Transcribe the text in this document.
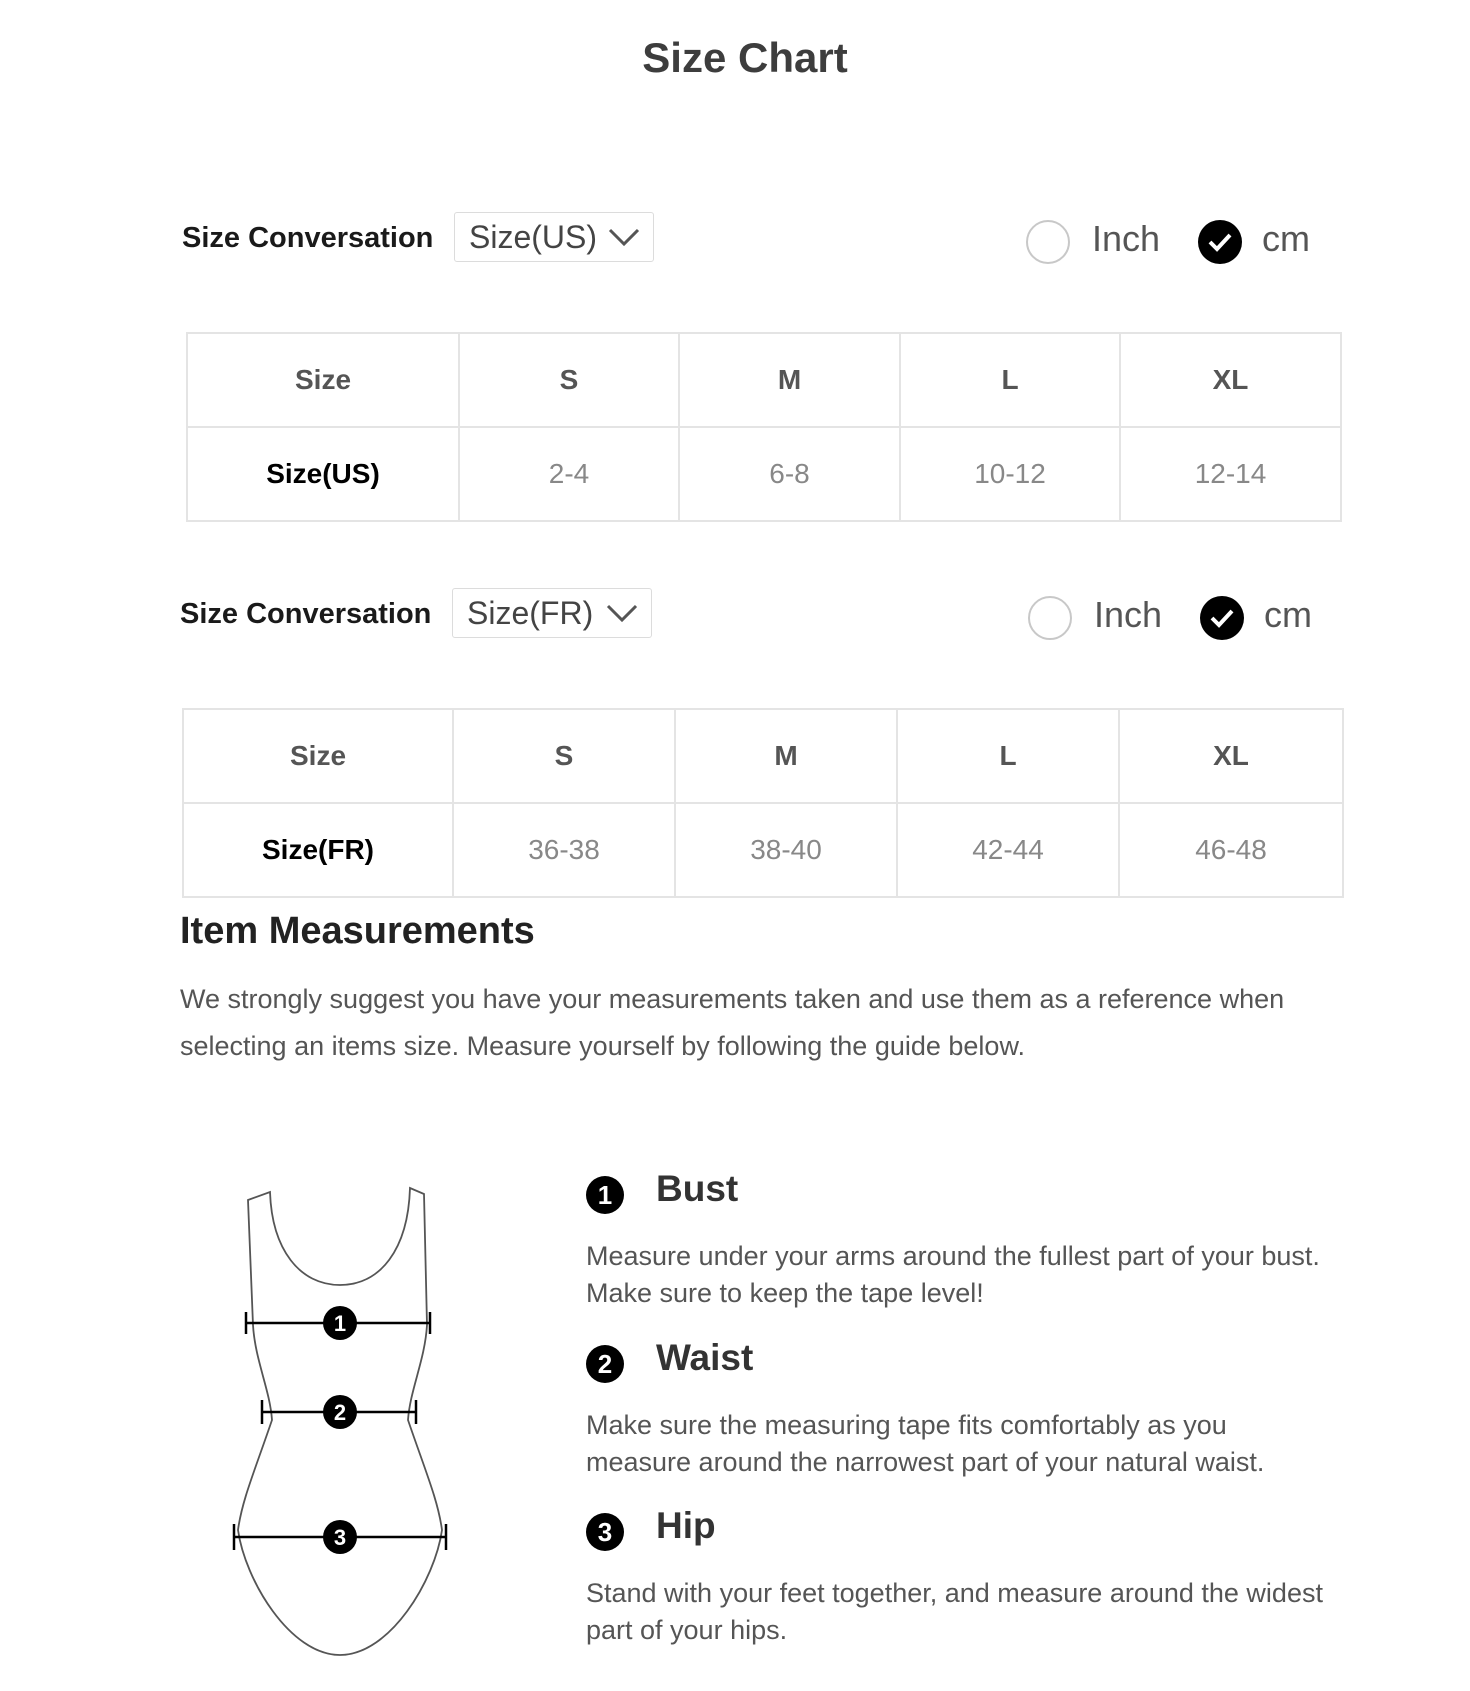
Size Chart
Size Conversation Size(US)	Inch	cm
Size	S	M	L	XL
Size(US)	2-4	6-8	10-12	12-14
Size Conversation Size(FR)	Inch	cm
Size	S	M	L	XL
Size(FR)	36-38	38-40	42-44	46-48
Item Measurements
We strongly suggest you have your measurements taken and use them as a reference when selecting an items size. Measure yourself by following the guide below.
1
2
3
1	Bust
Measure under your arms around the fullest part of your bust. Make sure to keep the tape level!
2	Waist
Make sure the measuring tape fits comfortably as you measure around the narrowest part of your natural waist.
3	Hip
Stand with your feet together, and measure around the widest part of your hips.
